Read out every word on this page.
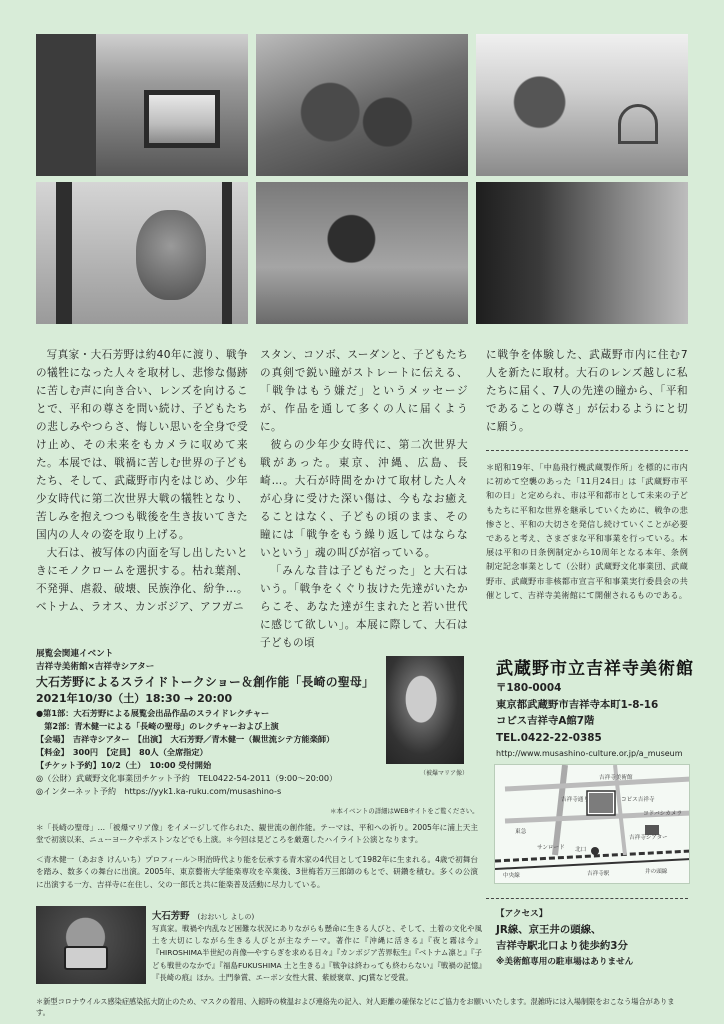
写真家・大石芳野は約40年に渡り、戦争の犠牲になった人々を取材し、悲惨な傷跡に苦しむ声に向き合い、レンズを向けることで、平和の尊さを問い続け、子どもたちの悲しみやつらさ、悔しい思いを全身で受け止め、その未来をもカメラに収めて来た。本展では、戦禍に苦しむ世界の子どもたち、そして、武蔵野市内をはじめ、少年少女時代に第二次世界大戦の犠牲となり、苦しみを抱えつつも戦後を生き抜いてきた国内の人々の姿を取り上げる。

大石は、被写体の内面を写し出したいときにモノクロームを選択する。枯れ葉剤、不発弾、虐殺、破壊、民族浄化、紛争…。ベトナム、ラオス、カンボジア、アフガニ

スタン、コソボ、スーダンと、子どもたちの真剣で鋭い瞳がストレートに伝える、「戦争はもう嫌だ」というメッセージが、作品を通して多くの人に届くように。

彼らの少年少女時代に、第二次世界大戦があった。東京、沖縄、広島、長崎…。大石が時間をかけて取材した人々が心身に受けた深い傷は、今もなお癒えることはなく、子どもの頃のまま、その瞳には「戦争をもう繰り返してはならないという」魂の叫びが宿っている。

「みんな昔は子どもだった」と大石はいう。「戦争をくぐり抜けた先達がいたからこそ、あなた達が生まれたと若い世代に感じて欲しい」。本展に際して、大石は子どもの頃

に戦争を体験した、武蔵野市内に住む7人を新たに取材。大石のレンズ越しに私たちに届く、7人の先達の瞳から、「平和であることの尊さ」が伝わるようにと切に願う。

＊昭和19年、「中島飛行機武蔵製作所」を標的に市内に初めて空襲のあった「11月24日」は「武蔵野市平和の日」と定められ、市は平和都市として未来の子どもたちに平和な世界を継承していくために、戦争の悲惨さと、平和の大切さを発信し続けていくことが必要であると考え、さまざまな平和事業を行っている。本展は平和の日条例制定から10周年となる本年、条例制定記念事業として（公財）武蔵野文化事業団、武蔵野市、武蔵野市非核都市宣言平和事業実行委員会の共催として、吉祥寺美術館にて開催されるものである。
展覧会関連イベント
吉祥寺美術館×吉祥寺シアター
大石芳野によるスライドトークショー＆創作能「長崎の聖母」
2021年10/30（土）18:30 → 20:00
●第1部：大石芳野による展覧会出品作品のスライドレクチャー
　第2部：青木健一による「長崎の聖母」のレクチャーおよび上演
【会場】　吉祥寺シアター　【出演】　大石芳野／青木健一（観世流シテ方能楽師）
【料金】　300円　【定員】　80人（全席指定）
【チケット予約】10/2（土）　10:00 受付開始
◎（公財）武蔵野文化事業団チケット予約　TEL0422-54-2011（9:00〜20:00）
◎インターネット予約　https://yyk1.ka-ruku.com/musashino-s
＊本イベントの詳細はWEBサイトをご覧ください。
（被爆マリア像）
＊「長崎の聖母」…「被爆マリア像」をイメージして作られた、観世流の創作能。テーマは、平和への祈り。2005年に浦上天主堂で初演以来、ニューヨークやポストンなどでも上演。＊今回は見どころを厳選したハイライト公演となります。
＜青木健一（あおき けんいち）プロフィール＞明治時代より能を伝承する青木家の4代目として1982年に生まれる。4歳で初舞台を踏み、数多くの舞台に出演。2005年、東京藝術大学能楽専攻を卒業後、3世梅若万三郎師のもとで、研鑽を積む。多くの公演に出演する一方、吉祥寺に在住し、父の一郎氏と共に能楽普及活動に尽力している。
武蔵野市立吉祥寺美術館
〒180-0004
東京都武蔵野市吉祥寺本町1-8-16
コピス吉祥寺A館7階
TEL.0422-22-0385
http://www.musashino-culture.or.jp/a_museum
吉祥寺美術館
コピス吉祥寺
吉祥寺通り
東急
ヨドバシカメラ
サンロード 北口
吉祥寺シアター
吉祥寺駅	井の頭線
中央線
【アクセス】
JR線、京王井の頭線、
吉祥寺駅北口より徒歩約3分
※美術館専用の駐車場はありません
大石芳野 (おおいし よしの)
写真家。戦禍や内乱など困難な状況にありながらも懸命に生きる人びと、そして、土着の文化や風土を大切にしながら生きる人びとが主なテーマ。著作に『沖縄に活きる』『夜と霧は今』『HIROSHIMA半世紀の肖像―やすらぎを求める日々』『カンボジア苦界転生』『ベトナム凛と』『子ども戦世のなかで』『福島FUKUSHIMA 土と生きる』『戦争は終わっても終わらない』『戦禍の記憶』『長崎の痕』ほか。土門拳賞、エーボン女性大賞、紫綬褒章、JCJ賞など受賞。
＊新型コロナウイルス感染症感染拡大防止のため、マスクの着用、入館時の検温および連絡先の記入、対人距離の確保などにご協力をお願いいたします。混雑時には入場制限をおこなう場合があります。
